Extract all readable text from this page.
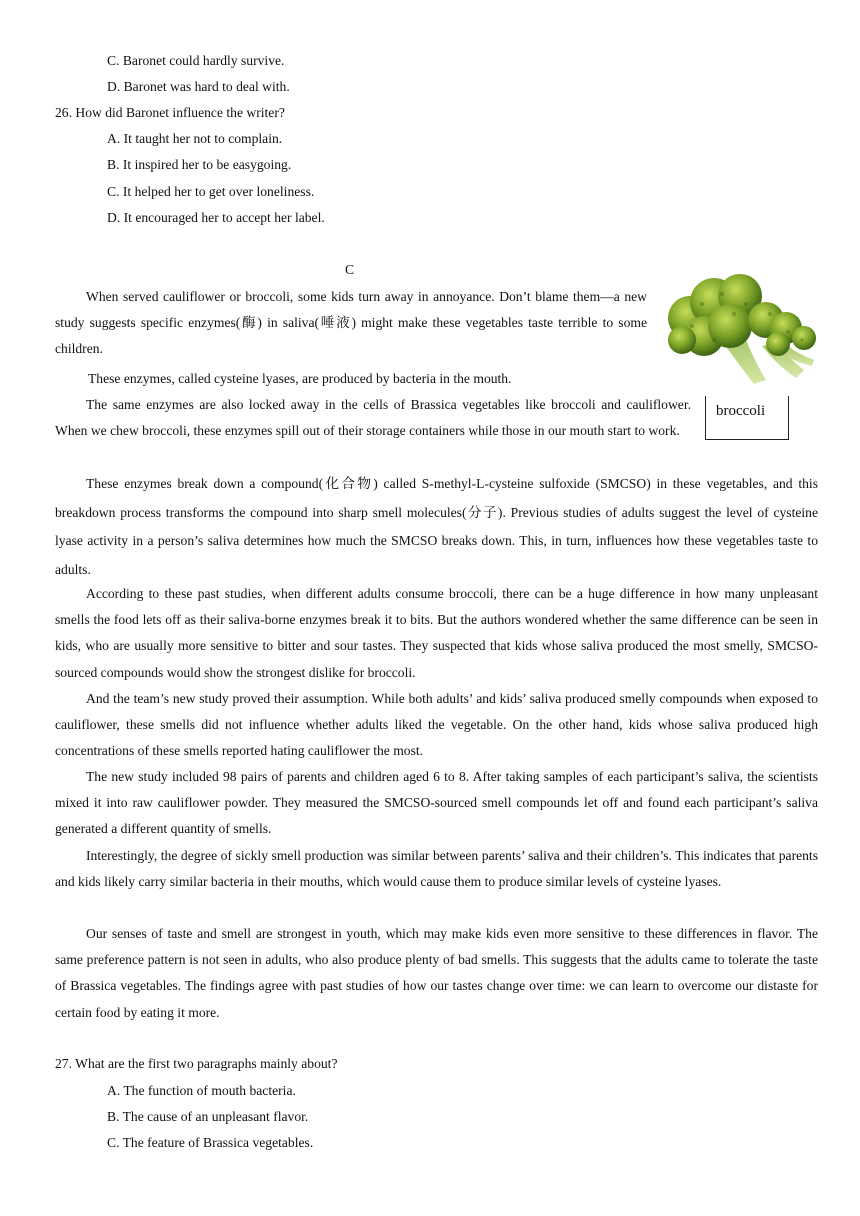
C. Baronet could hardly survive.
D. Baronet was hard to deal with.
26. How did Baronet influence the writer?
A. It taught her not to complain.
B. It inspired her to be easygoing.
C. It helped her to get over loneliness.
D. It encouraged her to accept her label.
C
broccoli

When served cauliflower or broccoli, some kids turn away in annoyance. Don’t blame them—a new study suggests specific enzymes(酶) in saliva(唾液) might make these vegetables taste terrible to some children.

These enzymes, called cysteine lyases, are produced by bacteria in the mouth.

The same enzymes are also locked away in the cells of Brassica vegetables like broccoli and cauliflower. When we chew broccoli, these enzymes spill out of their storage containers while those in our mouth start to work.

These enzymes break down a compound(化合物) called S-methyl-L-cysteine sulfoxide (SMCSO) in these vegetables, and this breakdown process transforms the compound into sharp smell molecules(分子). Previous studies of adults suggest the level of cysteine lyase activity in a person’s saliva determines how much the SMCSO breaks down. This, in turn, influences how these vegetables taste to adults.

According to these past studies, when different adults consume broccoli, there can be a huge difference in how many unpleasant smells the food lets off as their saliva-borne enzymes break it to bits. But the authors wondered whether the same difference can be seen in kids, who are usually more sensitive to bitter and sour tastes. They suspected that kids whose saliva produced the most smelly, SMCSO-sourced compounds would show the strongest dislike for broccoli.

And the team’s new study proved their assumption. While both adults’ and kids’ saliva produced smelly compounds when exposed to cauliflower, these smells did not influence whether adults liked the vegetable. On the other hand, kids whose saliva produced high concentrations of these smells reported hating cauliflower the most.

The new study included 98 pairs of parents and children aged 6 to 8. After taking samples of each participant’s saliva, the scientists mixed it into raw cauliflower powder. They measured the SMCSO-sourced smell compounds let off and found each participant’s saliva generated a different quantity of smells.

Interestingly, the degree of sickly smell production was similar between parents’ saliva and their children’s. This indicates that parents and kids likely carry similar bacteria in their mouths, which would cause them to produce similar levels of cysteine lyases.

Our senses of taste and smell are strongest in youth, which may make kids even more sensitive to these differences in flavor. The same preference pattern is not seen in adults, who also produce plenty of bad smells. This suggests that the adults came to tolerate the taste of Brassica vegetables. The findings agree with past studies of how our tastes change over time: we can learn to overcome our distaste for certain food by eating it more.

27. What are the first two paragraphs mainly about?
A. The function of mouth bacteria.
B. The cause of an unpleasant flavor.
C. The feature of Brassica vegetables.
